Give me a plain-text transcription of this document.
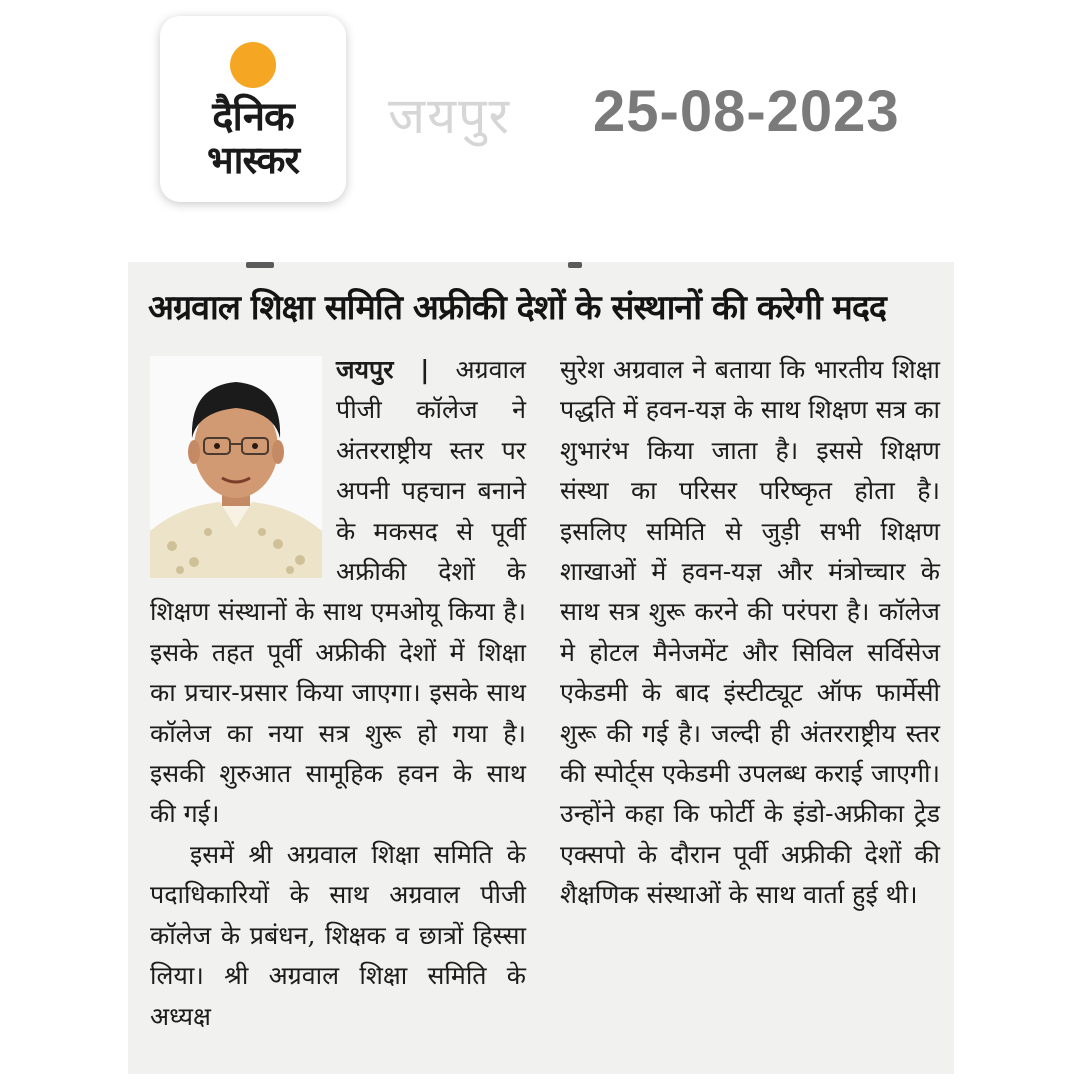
दैनिक
भास्कर
जयपुर 25-08-2023
अग्रवाल शिक्षा समिति अफ्रीकी देशों के संस्थानों की करेगी मदद

जयपुर |
अग्रवाल पीजी कॉलेज ने अंतरराष्ट्रीय स्तर पर अपनी पहचान बनाने के मकसद से पूर्वी अफ्रीकी देशों के शिक्षण संस्थानों के साथ एमओयू किया है। इसके तहत पूर्वी अफ्रीकी देशों में शिक्षा का प्रचार-प्रसार किया जाएगा। इसके साथ कॉलेज का नया सत्र शुरू हो गया है। इसकी शुरुआत सामूहिक हवन के साथ की गई।

इसमें श्री अग्रवाल शिक्षा समिति के पदाधिकारियों के साथ अग्रवाल पीजी कॉलेज के प्रबंधन, शिक्षक व छात्रों हिस्सा लिया। श्री अग्रवाल शिक्षा समिति के अध्यक्ष

सुरेश अग्रवाल ने बताया कि भारतीय शिक्षा पद्धति में हवन-यज्ञ के साथ शिक्षण सत्र का शुभारंभ किया जाता है। इससे शिक्षण संस्था का परिसर परिष्कृत होता है। इसलिए समिति से जुड़ी सभी शिक्षण शाखाओं में हवन-यज्ञ और मंत्रोच्चार के साथ सत्र शुरू करने की परंपरा है। कॉलेज मे होटल मैनेजमेंट और सिविल सर्विसेज एकेडमी के बाद इंस्टीट्यूट ऑफ फार्मेसी शुरू की गई है। जल्दी ही अंतरराष्ट्रीय स्तर की स्पोर्ट्स एकेडमी उपलब्ध कराई जाएगी। उन्होंने कहा कि फोर्टी के इंडो-अफ्रीका ट्रेड एक्सपो के दौरान पूर्वी अफ्रीकी देशों की शैक्षणिक संस्थाओं के साथ वार्ता हुई थी।
